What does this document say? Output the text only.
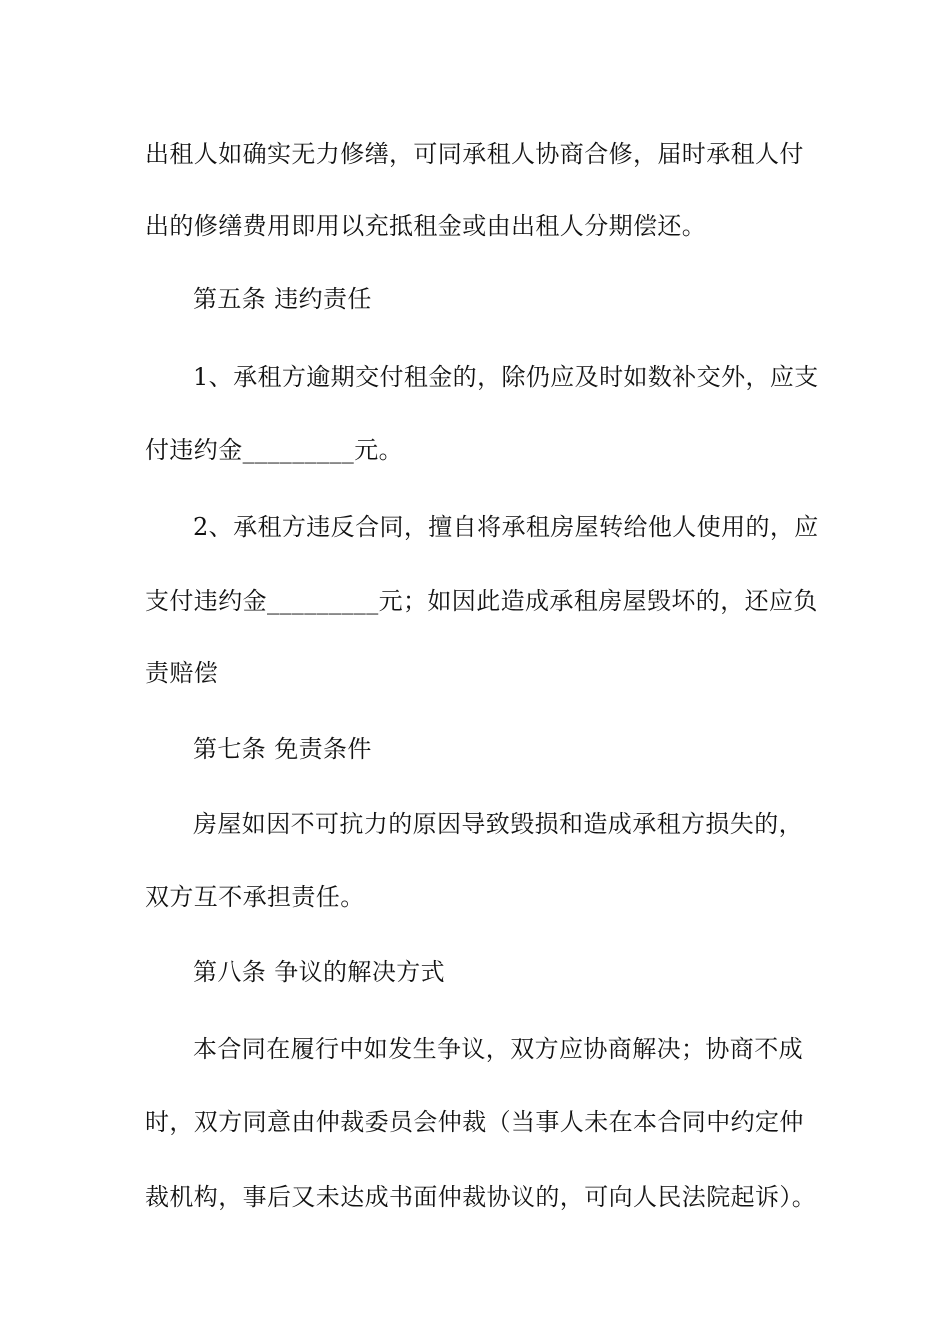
出租人如确实无力修缮，可同承租人协商合修，届时承租人付
出的修缮费用即用以充抵租金或由出租人分期偿还。
第五条 违约责任
1、承租方逾期交付租金的，除仍应及时如数补交外，应支
付违约金_________元。
2、承租方违反合同，擅自将承租房屋转给他人使用的，应
支付违约金_________元；如因此造成承租房屋毁坏的，还应负
责赔偿
第七条 免责条件
房屋如因不可抗力的原因导致毁损和造成承租方损失的，
双方互不承担责任。
第八条 争议的解决方式
本合同在履行中如发生争议，双方应协商解决；协商不成
时，双方同意由仲裁委员会仲裁（当事人未在本合同中约定仲
裁机构，事后又未达成书面仲裁协议的，可向人民法院起诉）。
